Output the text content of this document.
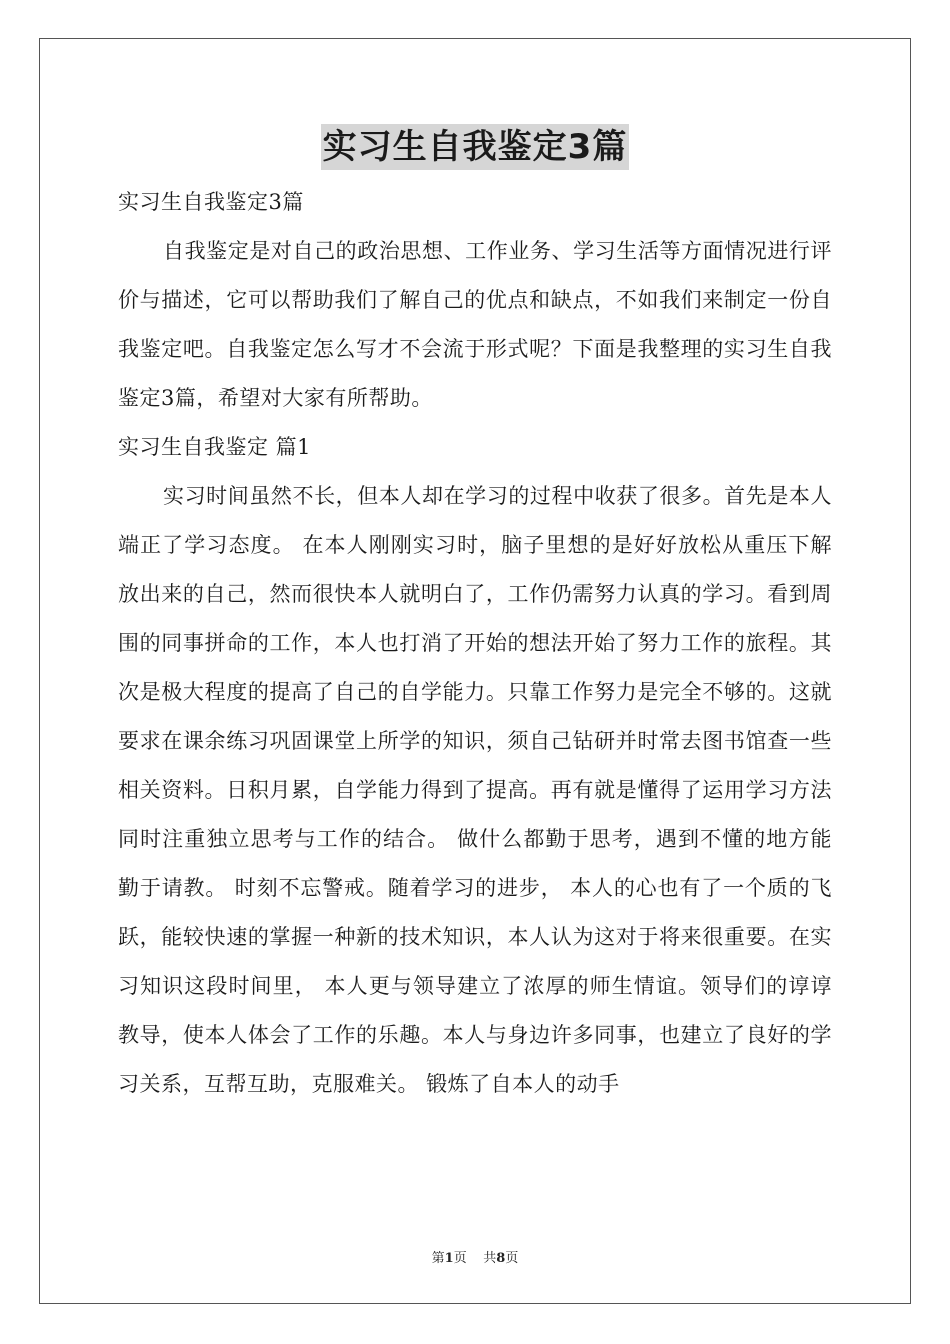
实习生自我鉴定3篇

实习生自我鉴定3篇

自我鉴定是对自己的政治思想、工作业务、学习生活等方面情况进行评价与描述，它可以帮助我们了解自己的优点和缺点，不如我们来制定一份自我鉴定吧。自我鉴定怎么写才不会流于形式呢？下面是我整理的实习生自我鉴定3篇，希望对大家有所帮助。

实习生自我鉴定 篇1

实习时间虽然不长，但本人却在学习的过程中收获了很多。首先是本人端正了学习态度。 在本人刚刚实习时，脑子里想的是好好放松从重压下解放出来的自己，然而很快本人就明白了，工作仍需努力认真的学习。看到周围的同事拼命的工作，本人也打消了开始的想法开始了努力工作的旅程。其次是极大程度的提高了自己的自学能力。只靠工作努力是完全不够的。这就要求在课余练习巩固课堂上所学的知识，须自己钻研并时常去图书馆查一些相关资料。日积月累，自学能力得到了提高。再有就是懂得了运用学习方法同时注重独立思考与工作的结合。 做什么都勤于思考，遇到不懂的地方能勤于请教。 时刻不忘警戒。随着学习的进步， 本人的心也有了一个质的飞跃，能较快速的掌握一种新的技术知识，本人认为这对于将来很重要。在实习知识这段时间里， 本人更与领导建立了浓厚的师生情谊。领导们的谆谆教导，使本人体会了工作的乐趣。本人与身边许多同事，也建立了良好的学习关系，互帮互助，克服难关。 锻炼了自本人的动手

第1页 共8页
